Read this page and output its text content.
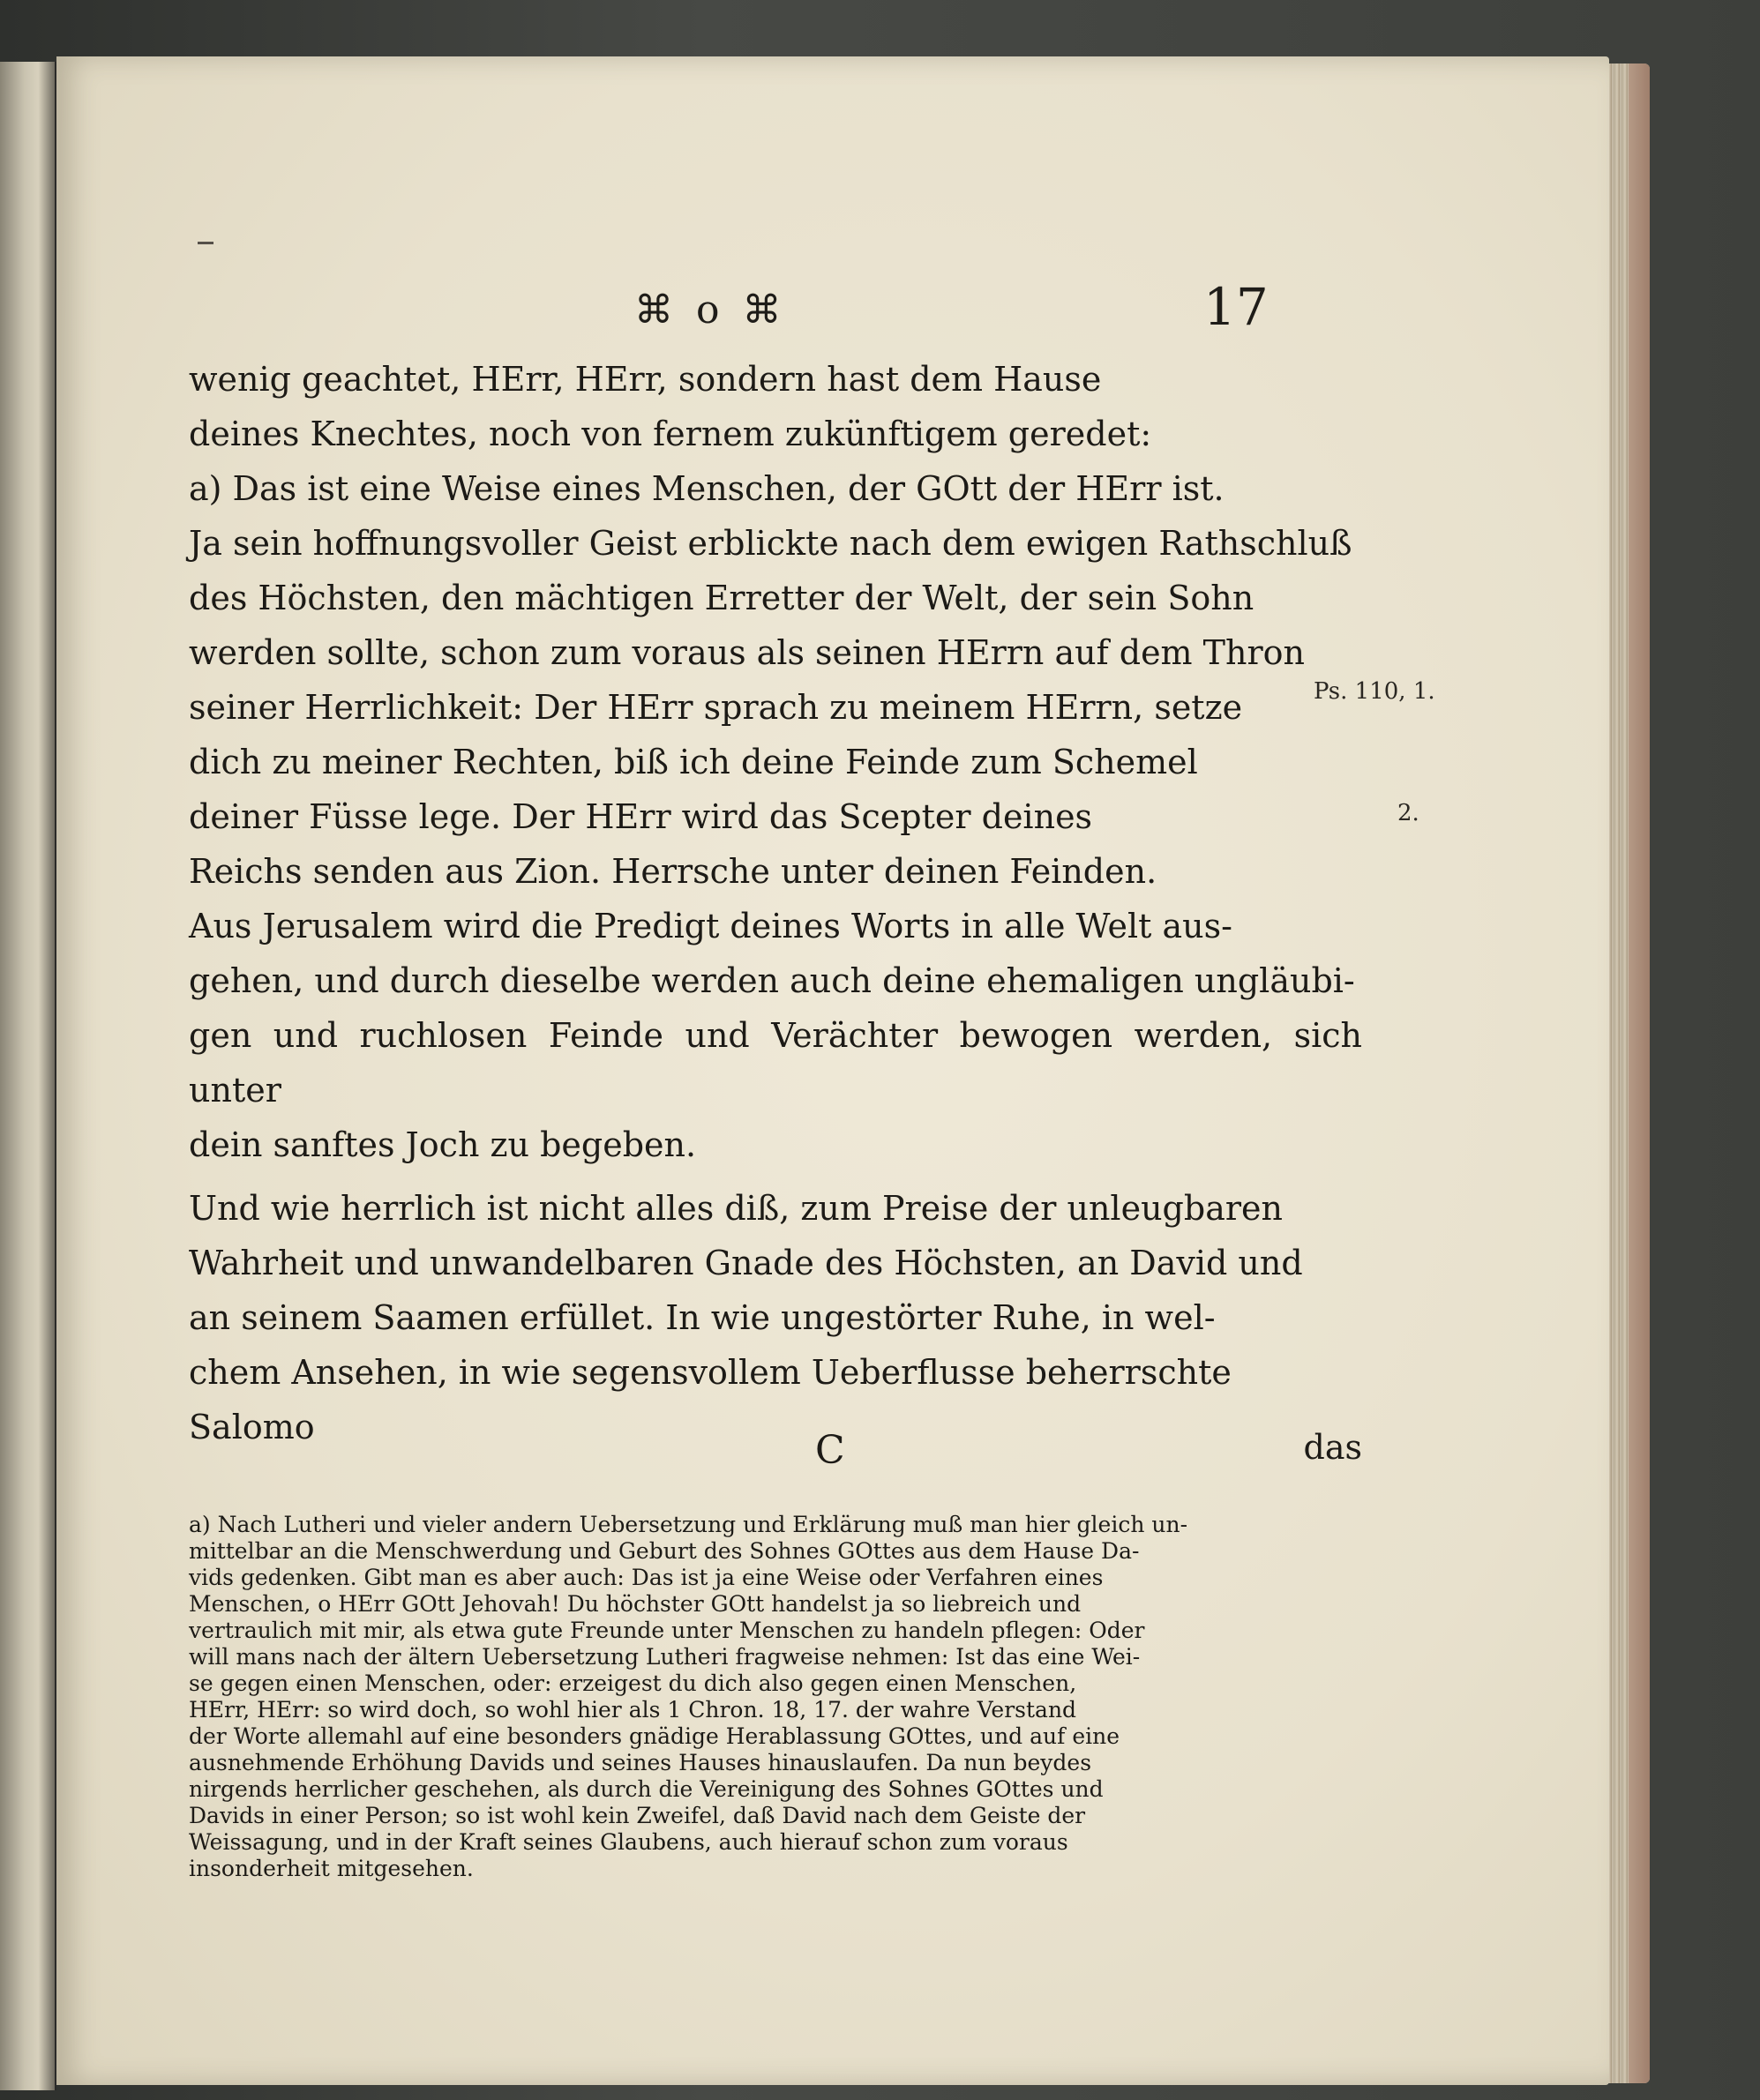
⌘ o ⌘	17

wenig geachtet, HErr, HErr, sondern hast dem Hause
deines Knechtes, noch von fernem zukünftigem geredet:
a) Das ist eine Weise eines Menschen, der GOtt der HErr ist.
Ja sein hoffnungsvoller Geist erblickte nach dem ewigen Rathschluß
des Höchsten, den mächtigen Erretter der Welt, der sein Sohn
werden sollte, schon zum voraus als seinen HErrn auf dem Thron
seiner Herrlichkeit: Der HErr sprach zu meinem HErrn, setze
dich zu meiner Rechten, biß ich deine Feinde zum Schemel
deiner Füsse lege. Der HErr wird das Scepter deines
Reichs senden aus Zion. Herrsche unter deinen Feinden.
Aus Jerusalem wird die Predigt deines Worts in alle Welt aus-
gehen, und durch dieselbe werden auch deine ehemaligen ungläubi-
gen und ruchlosen Feinde und Verächter bewogen werden, sich unter
dein sanftes Joch zu begeben.

Und wie herrlich ist nicht alles diß, zum Preise der unleugbaren
Wahrheit und unwandelbaren Gnade des Höchsten, an David und
an seinem Saamen erfüllet. In wie ungestörter Ruhe, in wel-
chem Ansehen, in wie segensvollem Ueberflusse beherrschte Salomo
C	das
Ps. 110, 1.
2.
a) Nach Lutheri und vieler andern Uebersetzung und Erklärung muß man hier gleich un-
mittelbar an die Menschwerdung und Geburt des Sohnes GOttes aus dem Hause Da-
vids gedenken. Gibt man es aber auch: Das ist ja eine Weise oder Verfahren eines
Menschen, o HErr GOtt Jehovah! Du höchster GOtt handelst ja so liebreich und
vertraulich mit mir, als etwa gute Freunde unter Menschen zu handeln pflegen: Oder
will mans nach der ältern Uebersetzung Lutheri fragweise nehmen: Ist das eine Wei-
se gegen einen Menschen, oder: erzeigest du dich also gegen einen Menschen,
HErr, HErr: so wird doch, so wohl hier als 1 Chron. 18, 17. der wahre Verstand
der Worte allemahl auf eine besonders gnädige Herablassung GOttes, und auf eine
ausnehmende Erhöhung Davids und seines Hauses hinauslaufen. Da nun beydes
nirgends herrlicher geschehen, als durch die Vereinigung des Sohnes GOttes und
Davids in einer Person; so ist wohl kein Zweifel, daß David nach dem Geiste der
Weissagung, und in der Kraft seines Glaubens, auch hierauf schon zum voraus
insonderheit mitgesehen.
